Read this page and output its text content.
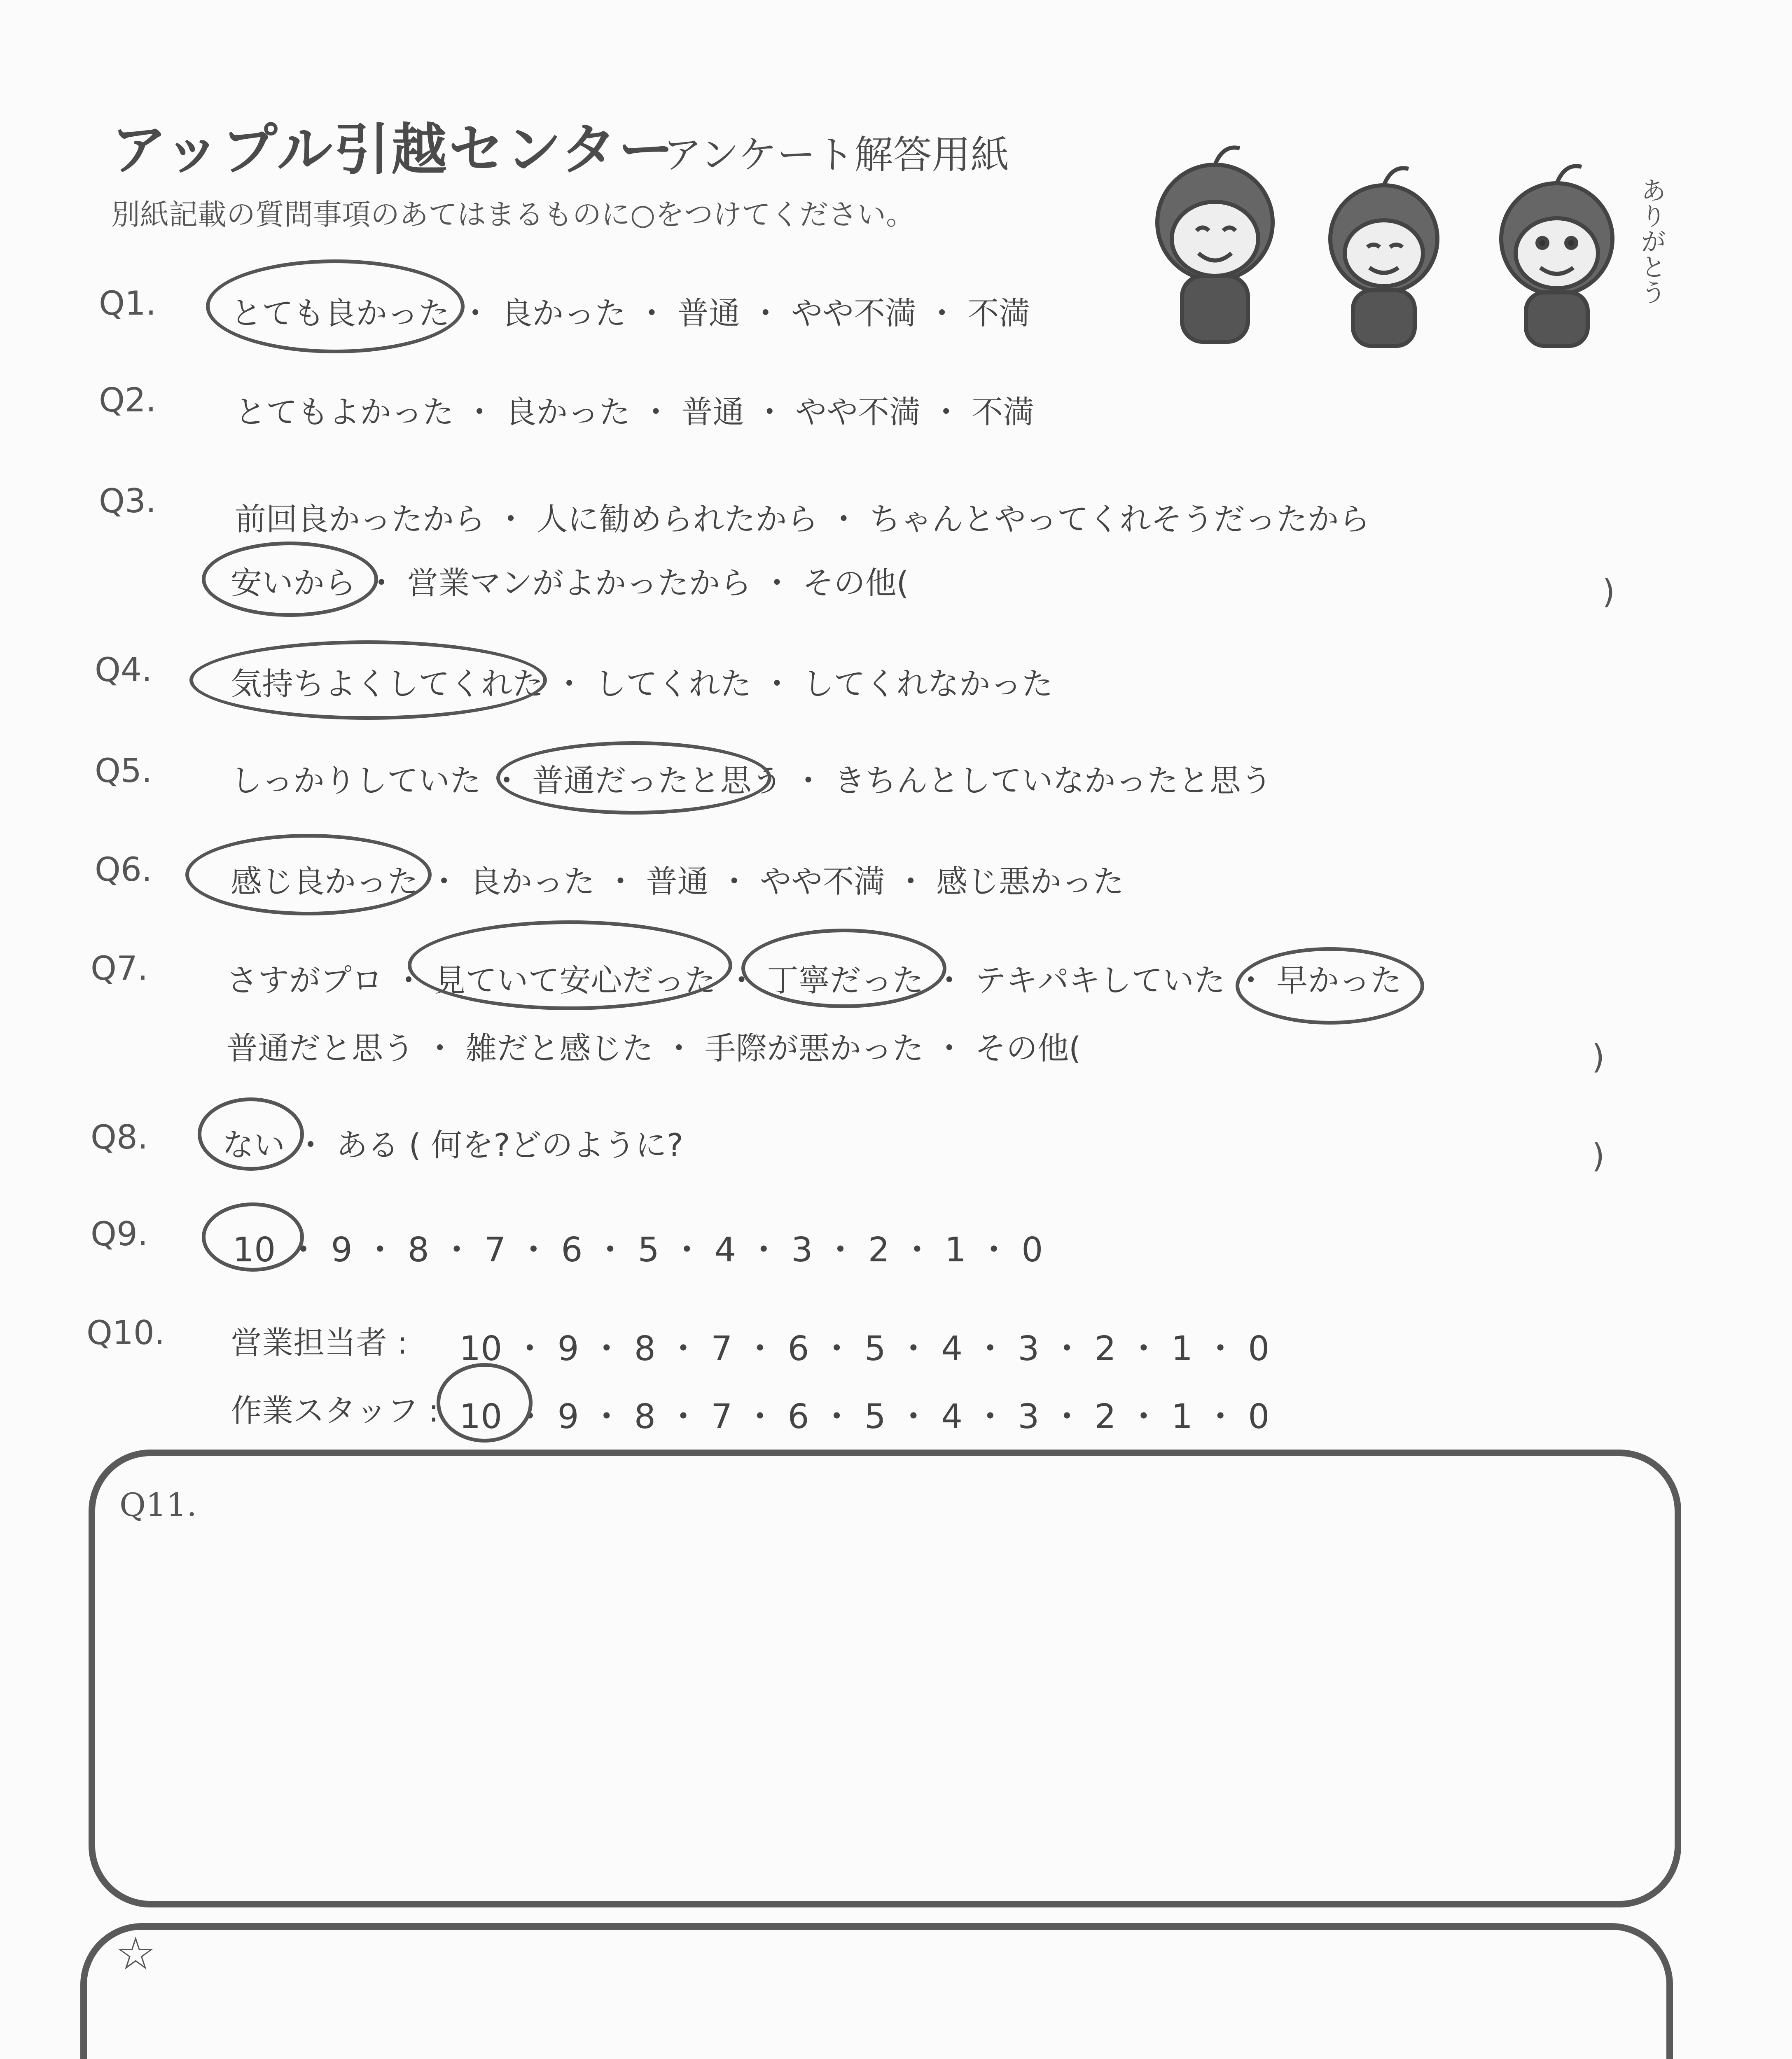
アップル引越センター
アンケート解答用紙
別紙記載の質問事項のあてはまるものに○をつけてください。	ありがとう
Q1. とても良かった ・ 良かった ・ 普通 ・ やや不満 ・ 不満
Q2.	とてもよかった ・ 良かった ・ 普通 ・ やや不満 ・ 不満
Q3.	前回良かったから ・ 人に勧められたから ・ ちゃんとやってくれそうだったから
安いから ・ 営業マンがよかったから ・ その他(	)
Q4.	気持ちよくしてくれた ・ してくれた ・ してくれなかった
Q5.	しっかりしていた ・ 普通だったと思う ・ きちんとしていなかったと思う
Q6.	感じ良かった ・ 良かった ・ 普通 ・ やや不満 ・ 感じ悪かった
Q7.	さすがプロ ・ 見ていて安心だった ・ 丁寧だった ・ テキパキしていた ・ 早かった
普通だと思う ・ 雑だと感じた ・ 手際が悪かった ・ その他(	)
Q8. ない ・ ある ( 何を?どのように?	)
Q9.	10 ・ 9 ・ 8 ・ 7 ・ 6 ・ 5 ・ 4 ・ 3 ・ 2 ・ 1 ・ 0
Q10. 営業担当者 : 10 ・ 9 ・ 8 ・ 7 ・ 6 ・ 5 ・ 4 ・ 3 ・ 2 ・ 1 ・ 0
作業スタッフ : 10 ・ 9 ・ 8 ・ 7 ・ 6 ・ 5 ・ 4 ・ 3 ・ 2 ・ 1 ・ 0
Q11.
☆
